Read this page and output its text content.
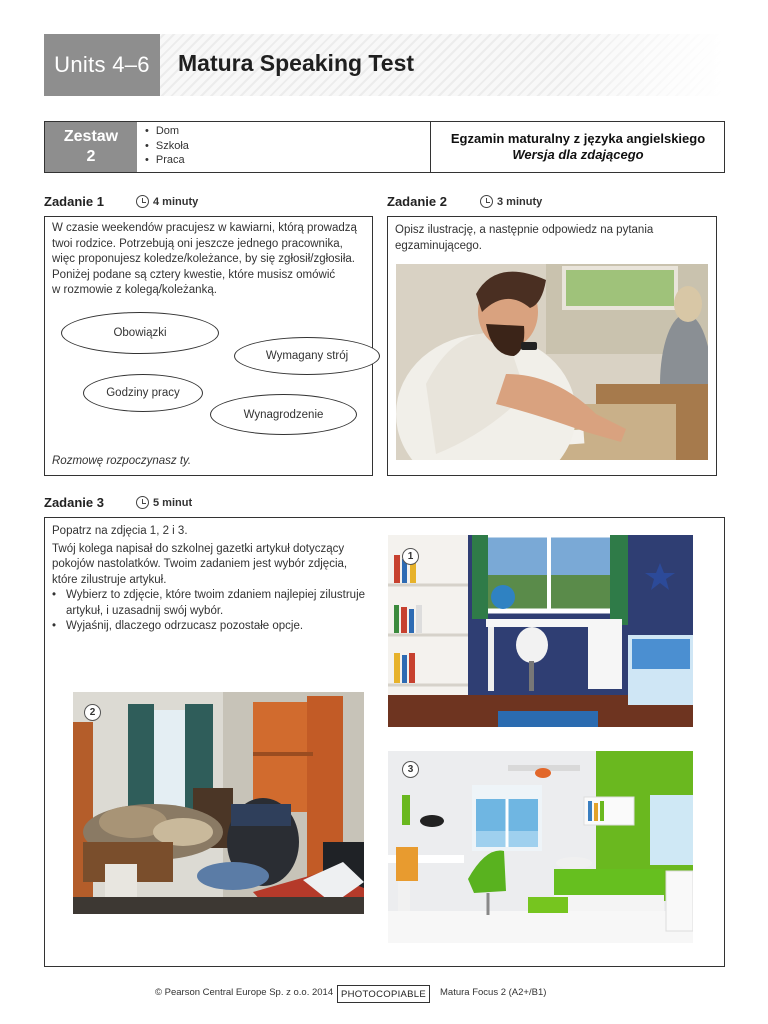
Units 4–6	Matura Speaking Test
Zestaw
2
• Dom
• Szkoła
• Praca
Egzamin maturalny z języka angielskiego
Wersja dla zdającego
Zadanie 1	4 minuty
W czasie weekendów pracujesz w kawiarni, którą prowadzą
twoi rodzice. Potrzebują oni jeszcze jednego pracownika,
więc proponujesz koledze/koleżance, by się zgłosił/zgłosiła.
Poniżej podane są cztery kwestie, które musisz omówić
w rozmowie z kolegą/koleżanką.
Obowiązki
Wymagany strój
Godziny pracy
Wynagrodzenie
Rozmowę rozpoczynasz ty.
Zadanie 2	3 minuty
Opisz ilustrację, a następnie odpowiedz na pytania
egzaminującego.
Zadanie 3	5 minut
Popatrz na zdjęcia 1, 2 i 3.
Twój kolega napisał do szkolnej gazetki artykuł dotyczący
pokojów nastolatków. Twoim zadaniem jest wybór zdjęcia,
które zilustruje artykuł.
• Wybierz to zdjęcie, które twoim zdaniem najlepiej zilustruje
artykuł, i uzasadnij swój wybór.
• Wyjaśnij, dlaczego odrzucasz pozostałe opcje.
1
2
3
© Pearson Central Europe Sp. z o.o. 2014 PHOTOCOPIABLE	Matura Focus 2 (A2+/B1)
